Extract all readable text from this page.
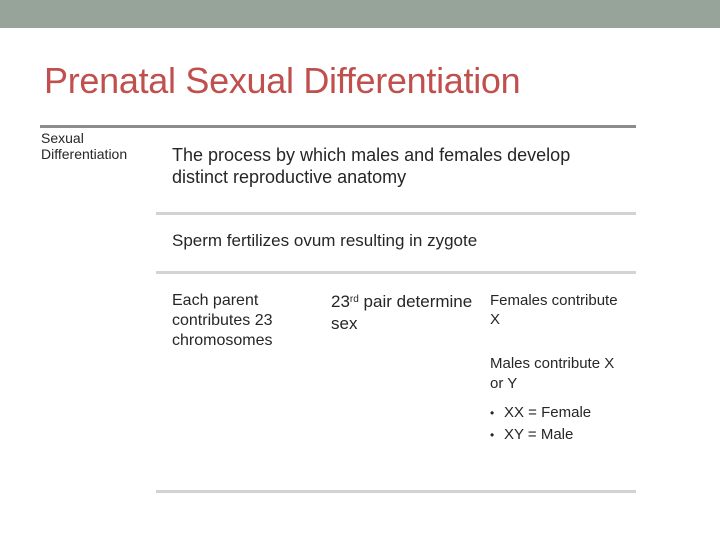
Prenatal Sexual Differentiation

Sexual Differentiation	The process by which males and females develop distinct reproductive anatomy

Sperm fertilizes ovum resulting in zygote

Each parent contributes 23 chromosomes

23rd pair determine sex

Females contribute X

Males contribute X or Y

• XX = Female
• XY = Male
